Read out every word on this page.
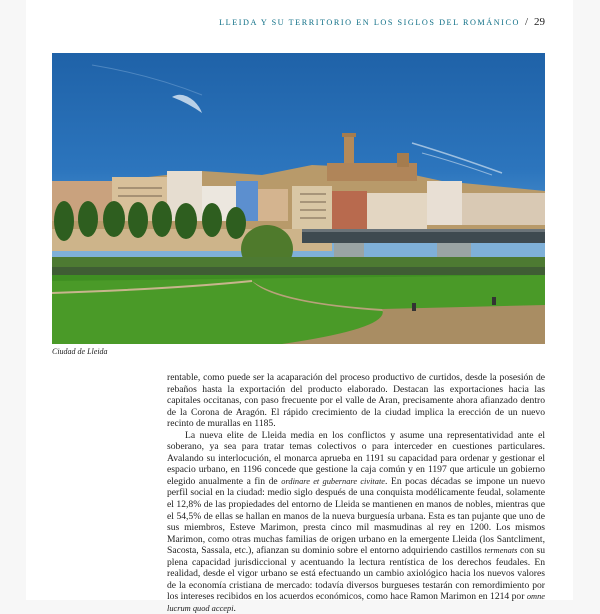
LLEIDA Y SU TERRITORIO EN LOS SIGLOS DEL ROMÁNICO / 29
Ciudad de Lleida

rentable, como puede ser la acaparación del proceso productivo de curtidos, desde la posesión de rebaños hasta la exportación del producto elaborado. Destacan las exportaciones hacia las capitales occitanas, con paso frecuente por el valle de Aran, precisamente ahora afianzado dentro de la Corona de Aragón. El rápido crecimiento de la ciudad implica la erección de un nuevo recinto de murallas en 1185.

La nueva elite de Lleida media en los conflictos y asume una representatividad ante el soberano, ya sea para tratar temas colectivos o para interceder en cuestiones particulares. Avalando su interlocución, el monarca aprueba en 1191 su capacidad para ordenar y gestionar el espacio urbano, en 1196 concede que gestione la caja común y en 1197 que articule un gobierno elegido anualmente a fin de ordinare et gubernare civitate. En pocas décadas se impone un nuevo perfil social en la ciudad: medio siglo después de una conquista modélicamente feudal, solamente el 12,8% de las propiedades del entorno de Lleida se mantienen en manos de nobles, mientras que el 54,5% de ellas se hallan en manos de la nueva burguesía urbana. Esta es tan pujante que uno de sus miembros, Esteve Marimon, presta cinco mil masmudinas al rey en 1200. Los mismos Marimon, como otras muchas familias de origen urbano en la emergente Lleida (los Santcliment, Sacosta, Sassala, etc.), afianzan su dominio sobre el entorno adquiriendo castillos termenats con su plena capacidad jurisdiccional y acentuando la lectura rentística de los derechos feudales. En realidad, desde el vigor urbano se está efectuando un cambio axiológico hacia los nuevos valores de la economía cristiana de mercado: todavía diversos burgueses testarán con remordimiento por los intereses recibidos en los acuerdos económicos, como hace Ramon Marimon en 1214 por omne lucrum quod accepi.
